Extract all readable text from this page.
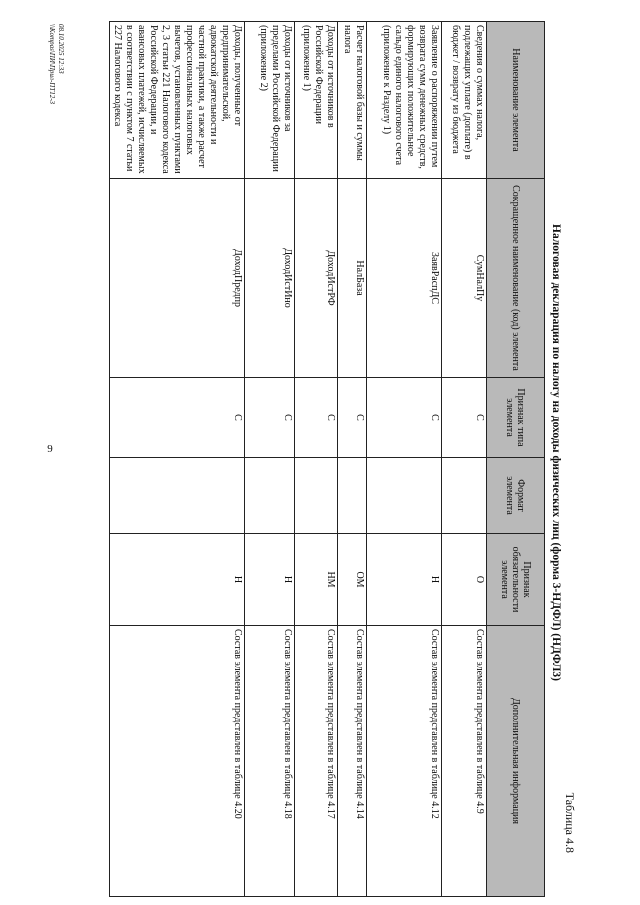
9
Таблица 4.8
Налоговая декларация по налогу на доходы физических лиц (форма 3-НДФЛ) (НДФЛ3)
Наименование элемента	Сокращенное наименование (код) элемента	Признак типа элемента	Формат элемента	Признак обязательности элемента	Дополнительная информация
Сведения о суммах налога, подлежащих уплате (доплате) в бюджет / возврату из бюджета	СумНалПу	С		О	Состав элемента представлен в таблице 4.9
Заявление о распоряжении путем возврата сумм денежных средств, формирующих положительное сальдо единого налогового счета (приложение к Разделу 1)	ЗаявРаспДС	С		Н	Состав элемента представлен в таблице 4.12
Расчет налоговой базы и суммы налога	НалБаза	С		ОМ	Состав элемента представлен в таблице 4.14
Доходы от источников в Российской Федерации (приложение 1)	ДоходИстРФ	С		НМ	Состав элемента представлен в таблице 4.17
Доходы от источников за пределами Российской Федерации (приложение 2)	ДоходИстИно	С		Н	Состав элемента представлен в таблице 4.18
Доходы, полученные от предпринимательской, адвокатской деятельности и частной практики, а также расчет профессиональных налоговых вычетов, установленных пунктами 2, 3 статьи 221 Налогового кодекса Российской Федерации, и авансовых платежей, исчисляемых в соответствии с пунктом 7 статьи 227 Налогового кодекса	ДоходПредпр	С		Н	Состав элемента представлен в таблице 4.20
08.10.2025 12:33
\\Kompas\ПИ\Прил-ПТ12-3
